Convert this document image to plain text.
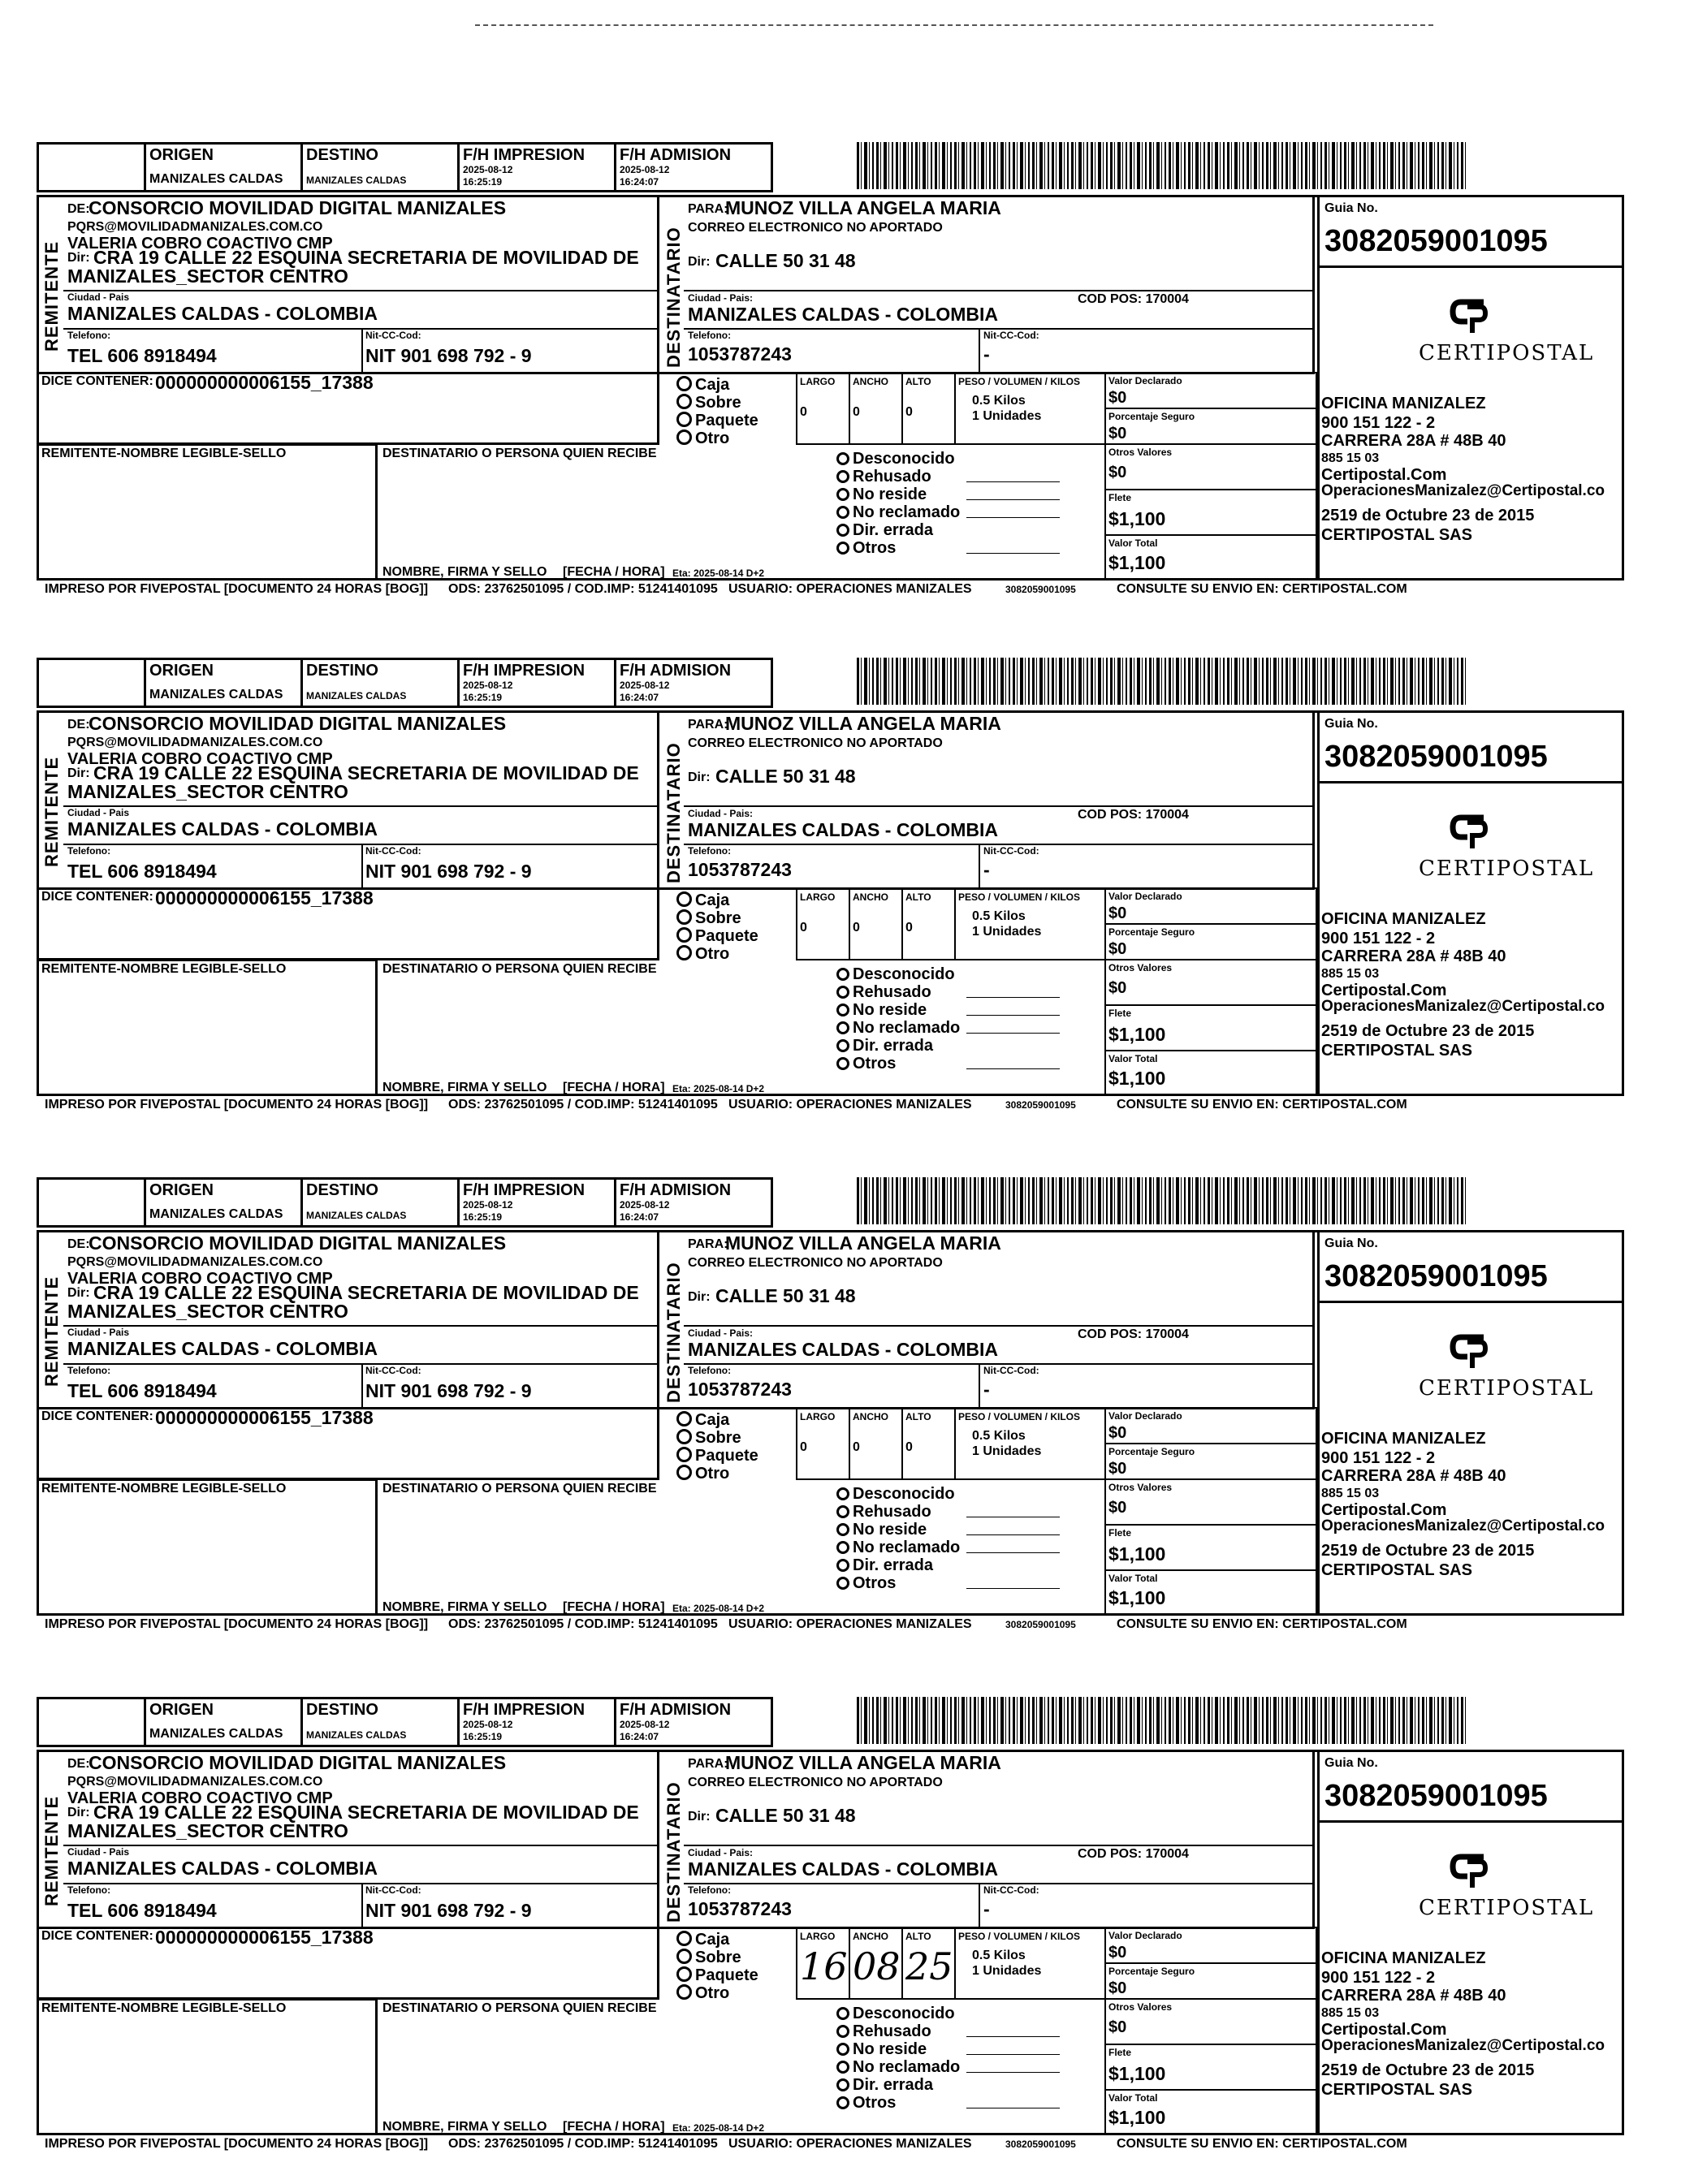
ORIGEN
MANIZALES CALDAS
DESTINO
MANIZALES CALDAS
F/H IMPRESION
2025-08-12
16:25:19
F/H ADMISION
2025-08-12
16:24:07
REMITENTE
DE:
CONSORCIO MOVILIDAD DIGITAL MANIZALES
PQRS@MOVILIDADMANIZALES.COM.CO
VALERIA COBRO COACTIVO CMP
Dir: CRA 19 CALLE 22 ESQUINA SECRETARIA DE MOVILIDAD DE
MANIZALES_SECTOR CENTRO
Ciudad - Pais
MANIZALES CALDAS - COLOMBIA
Telefono:
TEL 606 8918494
Nit-CC-Cod:
NIT 901 698 792 - 9	DESTINATARIO
PARA:
MUNOZ VILLA ANGELA MARIA
CORREO ELECTRONICO NO APORTADO
Dir: CALLE 50 31 48
Ciudad - Pais:
MANIZALES CALDAS - COLOMBIA
COD POS: 170004
Telefono:
1053787243
Nit-CC-Cod:
-
Guia No.
3082059001095
CERTIPOSTAL
OFICINA MANIZALEZ
900 151 122 - 2
CARRERA 28A # 48B 40
885 15 03
Certipostal.Com
OperacionesManizalez@Certipostal.co
2519 de Octubre 23 de 2015
CERTIPOSTAL SAS
DICE CONTENER: 000000000006155_17388	Caja
Sobre
Paquete
Otro
LARGO
0
ANCHO
0
ALTO
0
PESO / VOLUMEN / KILOS
0.5 Kilos
1 Unidades
Valor Declarado
$0
Porcentaje Seguro
$0
Otros Valores
$0
Flete
$1,100
Valor Total
$1,100
REMITENTE-NOMBRE LEGIBLE-SELLO	DESTINATARIO O PERSONA QUIEN RECIBE
NOMBRE, FIRMA Y SELLO [FECHA / HORA] Eta: 2025-08-14 D+2
Desconocido
Rehusado
No reside
No reclamado
Dir. errada
Otros
IMPRESO POR FIVEPOSTAL [DOCUMENTO 24 HORAS [BOG]] ODS: 23762501095 / COD.IMP: 51241401095 USUARIO: OPERACIONES MANIZALES	3082059001095	CONSULTE SU ENVIO EN: CERTIPOSTAL.COM
ORIGEN
MANIZALES CALDAS
DESTINO
MANIZALES CALDAS
F/H IMPRESION
2025-08-12
16:25:19
F/H ADMISION
2025-08-12
16:24:07
REMITENTE
DE:
CONSORCIO MOVILIDAD DIGITAL MANIZALES
PQRS@MOVILIDADMANIZALES.COM.CO
VALERIA COBRO COACTIVO CMP
Dir: CRA 19 CALLE 22 ESQUINA SECRETARIA DE MOVILIDAD DE
MANIZALES_SECTOR CENTRO
Ciudad - Pais
MANIZALES CALDAS - COLOMBIA
Telefono:
TEL 606 8918494
Nit-CC-Cod:
NIT 901 698 792 - 9	DESTINATARIO
PARA:
MUNOZ VILLA ANGELA MARIA
CORREO ELECTRONICO NO APORTADO
Dir: CALLE 50 31 48
Ciudad - Pais:
MANIZALES CALDAS - COLOMBIA
COD POS: 170004
Telefono:
1053787243
Nit-CC-Cod:
-
Guia No.
3082059001095
CERTIPOSTAL
OFICINA MANIZALEZ
900 151 122 - 2
CARRERA 28A # 48B 40
885 15 03
Certipostal.Com
OperacionesManizalez@Certipostal.co
2519 de Octubre 23 de 2015
CERTIPOSTAL SAS
DICE CONTENER: 000000000006155_17388	Caja
Sobre
Paquete
Otro
LARGO
0
ANCHO
0
ALTO
0
PESO / VOLUMEN / KILOS
0.5 Kilos
1 Unidades
Valor Declarado
$0
Porcentaje Seguro
$0
Otros Valores
$0
Flete
$1,100
Valor Total
$1,100
REMITENTE-NOMBRE LEGIBLE-SELLO	DESTINATARIO O PERSONA QUIEN RECIBE
NOMBRE, FIRMA Y SELLO [FECHA / HORA] Eta: 2025-08-14 D+2
Desconocido
Rehusado
No reside
No reclamado
Dir. errada
Otros
IMPRESO POR FIVEPOSTAL [DOCUMENTO 24 HORAS [BOG]] ODS: 23762501095 / COD.IMP: 51241401095 USUARIO: OPERACIONES MANIZALES	3082059001095	CONSULTE SU ENVIO EN: CERTIPOSTAL.COM
ORIGEN
MANIZALES CALDAS
DESTINO
MANIZALES CALDAS
F/H IMPRESION
2025-08-12
16:25:19
F/H ADMISION
2025-08-12
16:24:07
REMITENTE
DE:
CONSORCIO MOVILIDAD DIGITAL MANIZALES
PQRS@MOVILIDADMANIZALES.COM.CO
VALERIA COBRO COACTIVO CMP
Dir: CRA 19 CALLE 22 ESQUINA SECRETARIA DE MOVILIDAD DE
MANIZALES_SECTOR CENTRO
Ciudad - Pais
MANIZALES CALDAS - COLOMBIA
Telefono:
TEL 606 8918494
Nit-CC-Cod:
NIT 901 698 792 - 9	DESTINATARIO
PARA:
MUNOZ VILLA ANGELA MARIA
CORREO ELECTRONICO NO APORTADO
Dir: CALLE 50 31 48
Ciudad - Pais:
MANIZALES CALDAS - COLOMBIA
COD POS: 170004
Telefono:
1053787243
Nit-CC-Cod:
-
Guia No.
3082059001095
CERTIPOSTAL
OFICINA MANIZALEZ
900 151 122 - 2
CARRERA 28A # 48B 40
885 15 03
Certipostal.Com
OperacionesManizalez@Certipostal.co
2519 de Octubre 23 de 2015
CERTIPOSTAL SAS
DICE CONTENER: 000000000006155_17388	Caja
Sobre
Paquete
Otro
LARGO
0
ANCHO
0
ALTO
0
PESO / VOLUMEN / KILOS
0.5 Kilos
1 Unidades
Valor Declarado
$0
Porcentaje Seguro
$0
Otros Valores
$0
Flete
$1,100
Valor Total
$1,100
REMITENTE-NOMBRE LEGIBLE-SELLO	DESTINATARIO O PERSONA QUIEN RECIBE
NOMBRE, FIRMA Y SELLO [FECHA / HORA] Eta: 2025-08-14 D+2
Desconocido
Rehusado
No reside
No reclamado
Dir. errada
Otros
IMPRESO POR FIVEPOSTAL [DOCUMENTO 24 HORAS [BOG]] ODS: 23762501095 / COD.IMP: 51241401095 USUARIO: OPERACIONES MANIZALES	3082059001095	CONSULTE SU ENVIO EN: CERTIPOSTAL.COM
ORIGEN
MANIZALES CALDAS
DESTINO
MANIZALES CALDAS
F/H IMPRESION
2025-08-12
16:25:19
F/H ADMISION
2025-08-12
16:24:07
REMITENTE
DE:
CONSORCIO MOVILIDAD DIGITAL MANIZALES
PQRS@MOVILIDADMANIZALES.COM.CO
VALERIA COBRO COACTIVO CMP
Dir: CRA 19 CALLE 22 ESQUINA SECRETARIA DE MOVILIDAD DE
MANIZALES_SECTOR CENTRO
Ciudad - Pais
MANIZALES CALDAS - COLOMBIA
Telefono:
TEL 606 8918494
Nit-CC-Cod:
NIT 901 698 792 - 9	DESTINATARIO
PARA:
MUNOZ VILLA ANGELA MARIA
CORREO ELECTRONICO NO APORTADO
Dir: CALLE 50 31 48
Ciudad - Pais:
MANIZALES CALDAS - COLOMBIA
COD POS: 170004
Telefono:
1053787243
Nit-CC-Cod:
-
Guia No.
3082059001095
CERTIPOSTAL
OFICINA MANIZALEZ
900 151 122 - 2
CARRERA 28A # 48B 40
885 15 03
Certipostal.Com
OperacionesManizalez@Certipostal.co
2519 de Octubre 23 de 2015
CERTIPOSTAL SAS
DICE CONTENER: 000000000006155_17388	Caja
Sobre
Paquete
Otro
LARGO
16
ANCHO
08
ALTO
25
PESO / VOLUMEN / KILOS
0.5 Kilos
1 Unidades
Valor Declarado
$0
Porcentaje Seguro
$0
Otros Valores
$0
Flete
$1,100
Valor Total
$1,100
REMITENTE-NOMBRE LEGIBLE-SELLO	DESTINATARIO O PERSONA QUIEN RECIBE
NOMBRE, FIRMA Y SELLO [FECHA / HORA] Eta: 2025-08-14 D+2
Desconocido
Rehusado
No reside
No reclamado
Dir. errada
Otros
IMPRESO POR FIVEPOSTAL [DOCUMENTO 24 HORAS [BOG]] ODS: 23762501095 / COD.IMP: 51241401095 USUARIO: OPERACIONES MANIZALES	3082059001095	CONSULTE SU ENVIO EN: CERTIPOSTAL.COM
